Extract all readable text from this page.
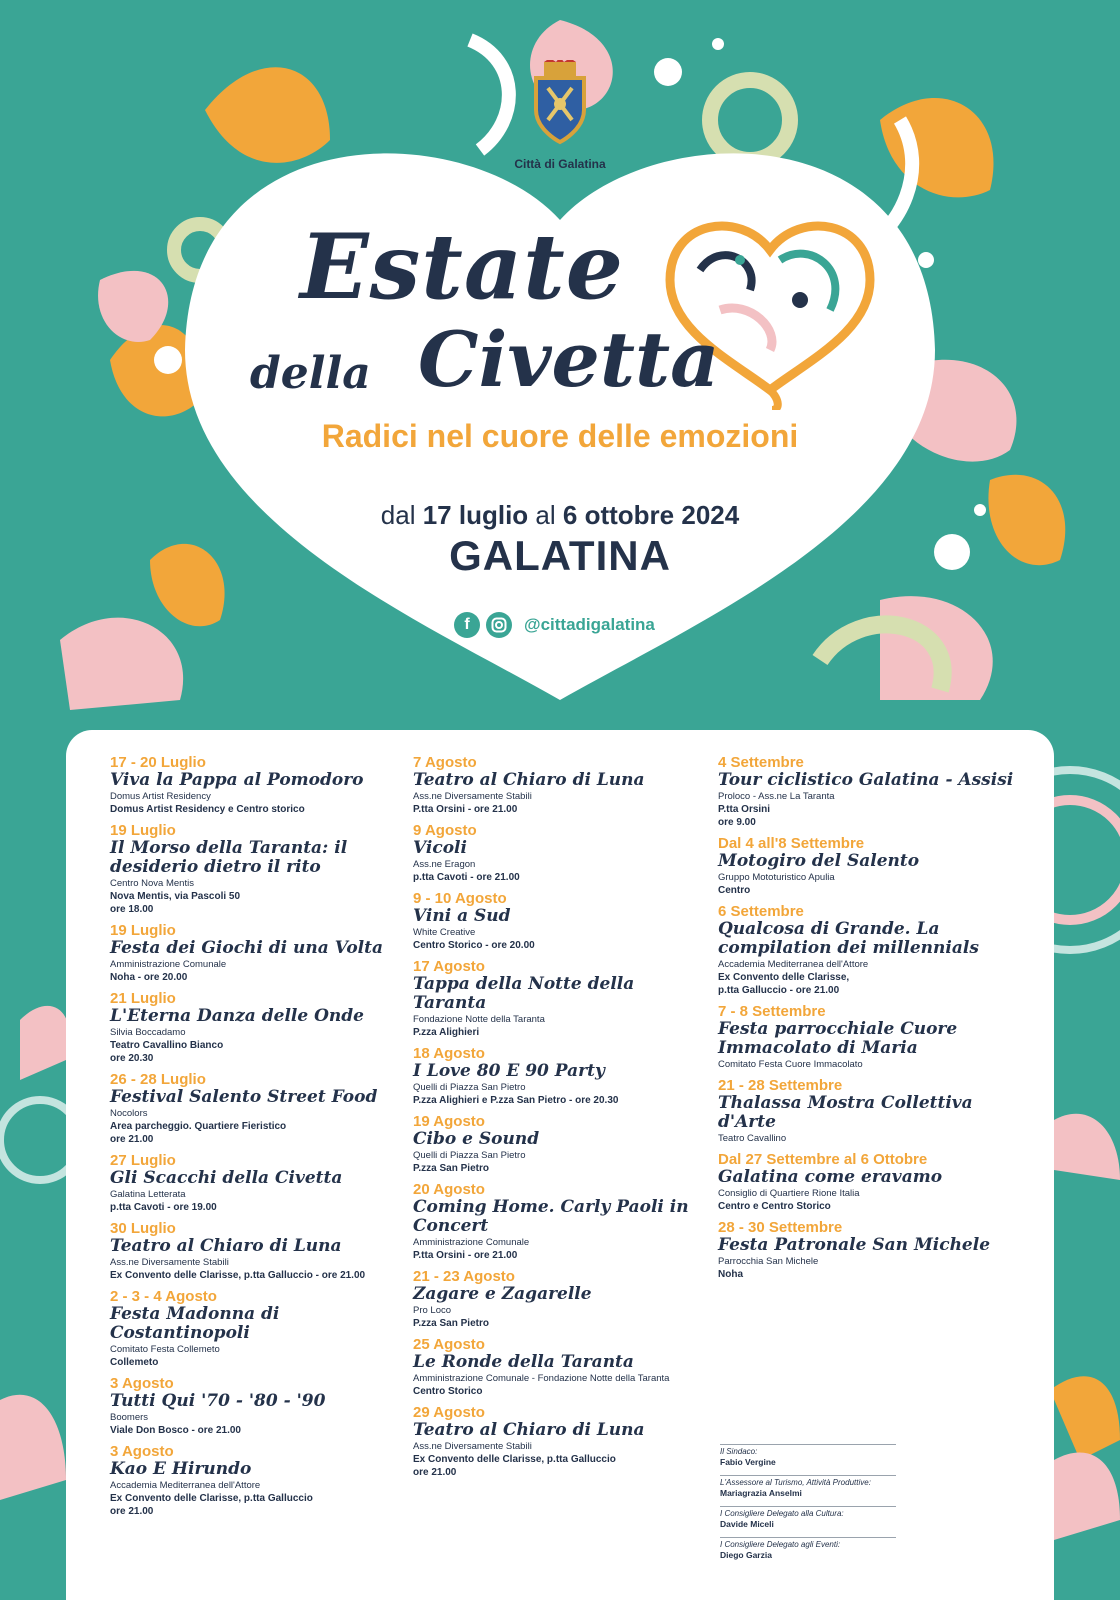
Città di Galatina
Estate
della Civetta
Radici nel cuore delle emozioni
dal 17 luglio al 6 ottobre 2024
GALATINA
f	@cittadigalatina
17 - 20 Luglio
Viva la Pappa al Pomodoro
Domus Artist Residency
Domus Artist Residency e Centro storico
19 Luglio
Il Morso della Taranta: il desiderio dietro il rito
Centro Nova Mentis
Nova Mentis, via Pascoli 50
ore 18.00
19 Luglio
Festa dei Giochi di una Volta
Amministrazione Comunale
Noha - ore 20.00
21 Luglio
L'Eterna Danza delle Onde
Silvia Boccadamo
Teatro Cavallino Bianco
ore 20.30
26 - 28 Luglio
Festival Salento Street Food
Nocolors
Area parcheggio. Quartiere Fieristico
ore 21.00
27 Luglio
Gli Scacchi della Civetta
Galatina Letterata
p.tta Cavoti - ore 19.00
30 Luglio
Teatro al Chiaro di Luna
Ass.ne Diversamente Stabili
Ex Convento delle Clarisse, p.tta Galluccio - ore 21.00
2 - 3 - 4 Agosto
Festa Madonna di Costantinopoli
Comitato Festa Collemeto
Collemeto
3 Agosto
Tutti Qui '70 - '80 - '90
Boomers
Viale Don Bosco - ore 21.00
3 Agosto
Kao E Hirundo
Accademia Mediterranea dell'Attore
Ex Convento delle Clarisse, p.tta Galluccio
ore 21.00
7 Agosto
Teatro al Chiaro di Luna
Ass.ne Diversamente Stabili
P.tta Orsini - ore 21.00
9 Agosto
Vicoli
Ass.ne Eragon
p.tta Cavoti - ore 21.00
9 - 10 Agosto
Vini a Sud
White Creative
Centro Storico - ore 20.00
17 Agosto
Tappa della Notte della Taranta
Fondazione Notte della Taranta
P.zza Alighieri
18 Agosto
I Love 80 E 90 Party
Quelli di Piazza San Pietro
P.zza Alighieri e P.zza San Pietro - ore 20.30
19 Agosto
Cibo e Sound
Quelli di Piazza San Pietro
P.zza San Pietro
20 Agosto
Coming Home. Carly Paoli in Concert
Amministrazione Comunale
P.tta Orsini - ore 21.00
21 - 23 Agosto
Zagare e Zagarelle
Pro Loco
P.zza San Pietro
25 Agosto
Le Ronde della Taranta
Amministrazione Comunale - Fondazione Notte della Taranta
Centro Storico
29 Agosto
Teatro al Chiaro di Luna
Ass.ne Diversamente Stabili
Ex Convento delle Clarisse, p.tta Galluccio
ore 21.00
4 Settembre
Tour ciclistico Galatina - Assisi
Proloco - Ass.ne La Taranta
P.tta Orsini
ore 9.00
Dal 4 all'8 Settembre
Motogiro del Salento
Gruppo Mototuristico Apulia
Centro
6 Settembre
Qualcosa di Grande. La compilation dei millennials
Accademia Mediterranea dell'Attore
Ex Convento delle Clarisse,
p.tta Galluccio - ore 21.00
7 - 8 Settembre
Festa parrocchiale Cuore Immacolato di Maria
Comitato Festa Cuore Immacolato
21 - 28 Settembre
Thalassa Mostra Collettiva d'Arte
Teatro Cavallino
Dal 27 Settembre al 6 Ottobre
Galatina come eravamo
Consiglio di Quartiere Rione Italia
Centro e Centro Storico
28 - 30 Settembre
Festa Patronale San Michele
Parrocchia San Michele
Noha
Il Sindaco:
Fabio Vergine
L'Assessore al Turismo, Attività Produttive:
Mariagrazia Anselmi
I Consigliere Delegato alla Cultura:
Davide Miceli
I Consigliere Delegato agli Eventi:
Diego Garzia
